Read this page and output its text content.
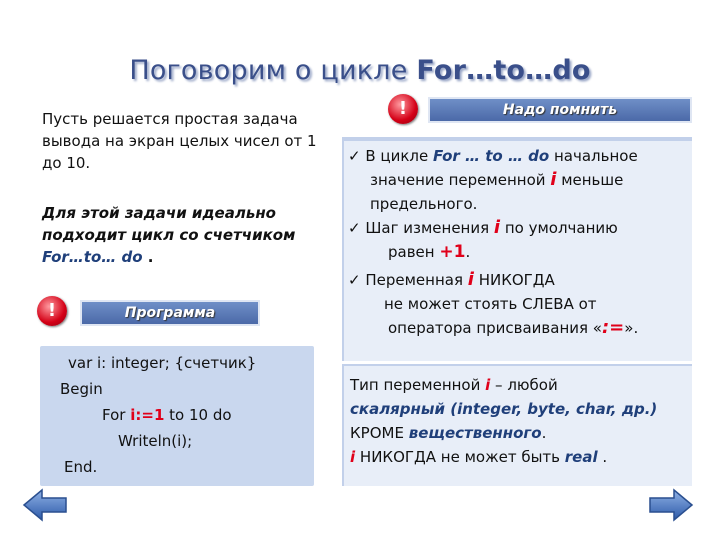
Поговорим о цикле For…to…do
Пусть решается простая задача вывода на экран целых чисел от 1 до 10.
Для этой задачи идеально подходит цикл со счетчиком For…to… do .
!	Программа
var i: integer; {счетчик}
Begin
For i:=1 to 10 do
Writeln(i);
End.
!	Надо помнить
✓ В цикле For … to … do начальное
значение переменной i меньше
предельного.
✓ Шаг изменения i по умолчанию
равен +1.
✓ Переменная i НИКОГДА
не может стоять СЛЕВА от
оператора присваивания «:=».
Тип переменной i – любой
скалярный (integer, byte, char, др.)
КРОМЕ вещественного.
i НИКОГДА не может быть real .
